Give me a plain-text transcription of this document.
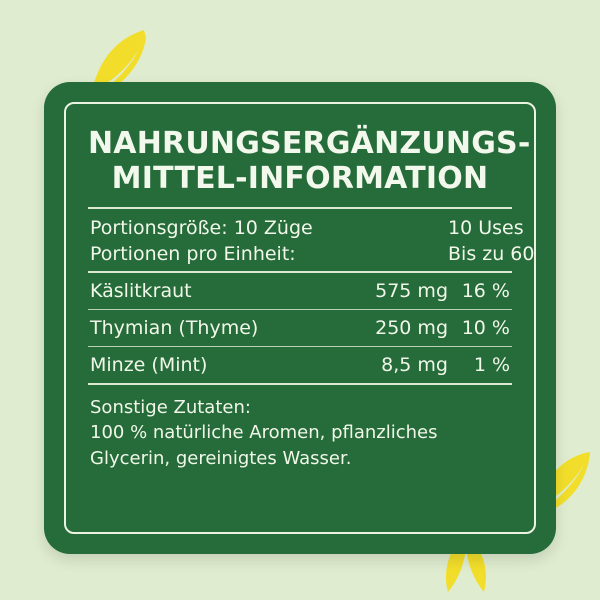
NAHRUNGSERGÄNZUNGS-
MITTEL-INFORMATION
Portionsgröße: 10 Züge	10 Uses
Portionen pro Einheit:	Bis zu 60
Käslitkraut	575 mg 16 %
Thymian (Thyme)	250 mg 10 %
Minze (Mint)	8,5 mg	1 %
Sonstige Zutaten:
100 % natürliche Aromen, pflanzliches
Glycerin, gereinigtes Wasser.
